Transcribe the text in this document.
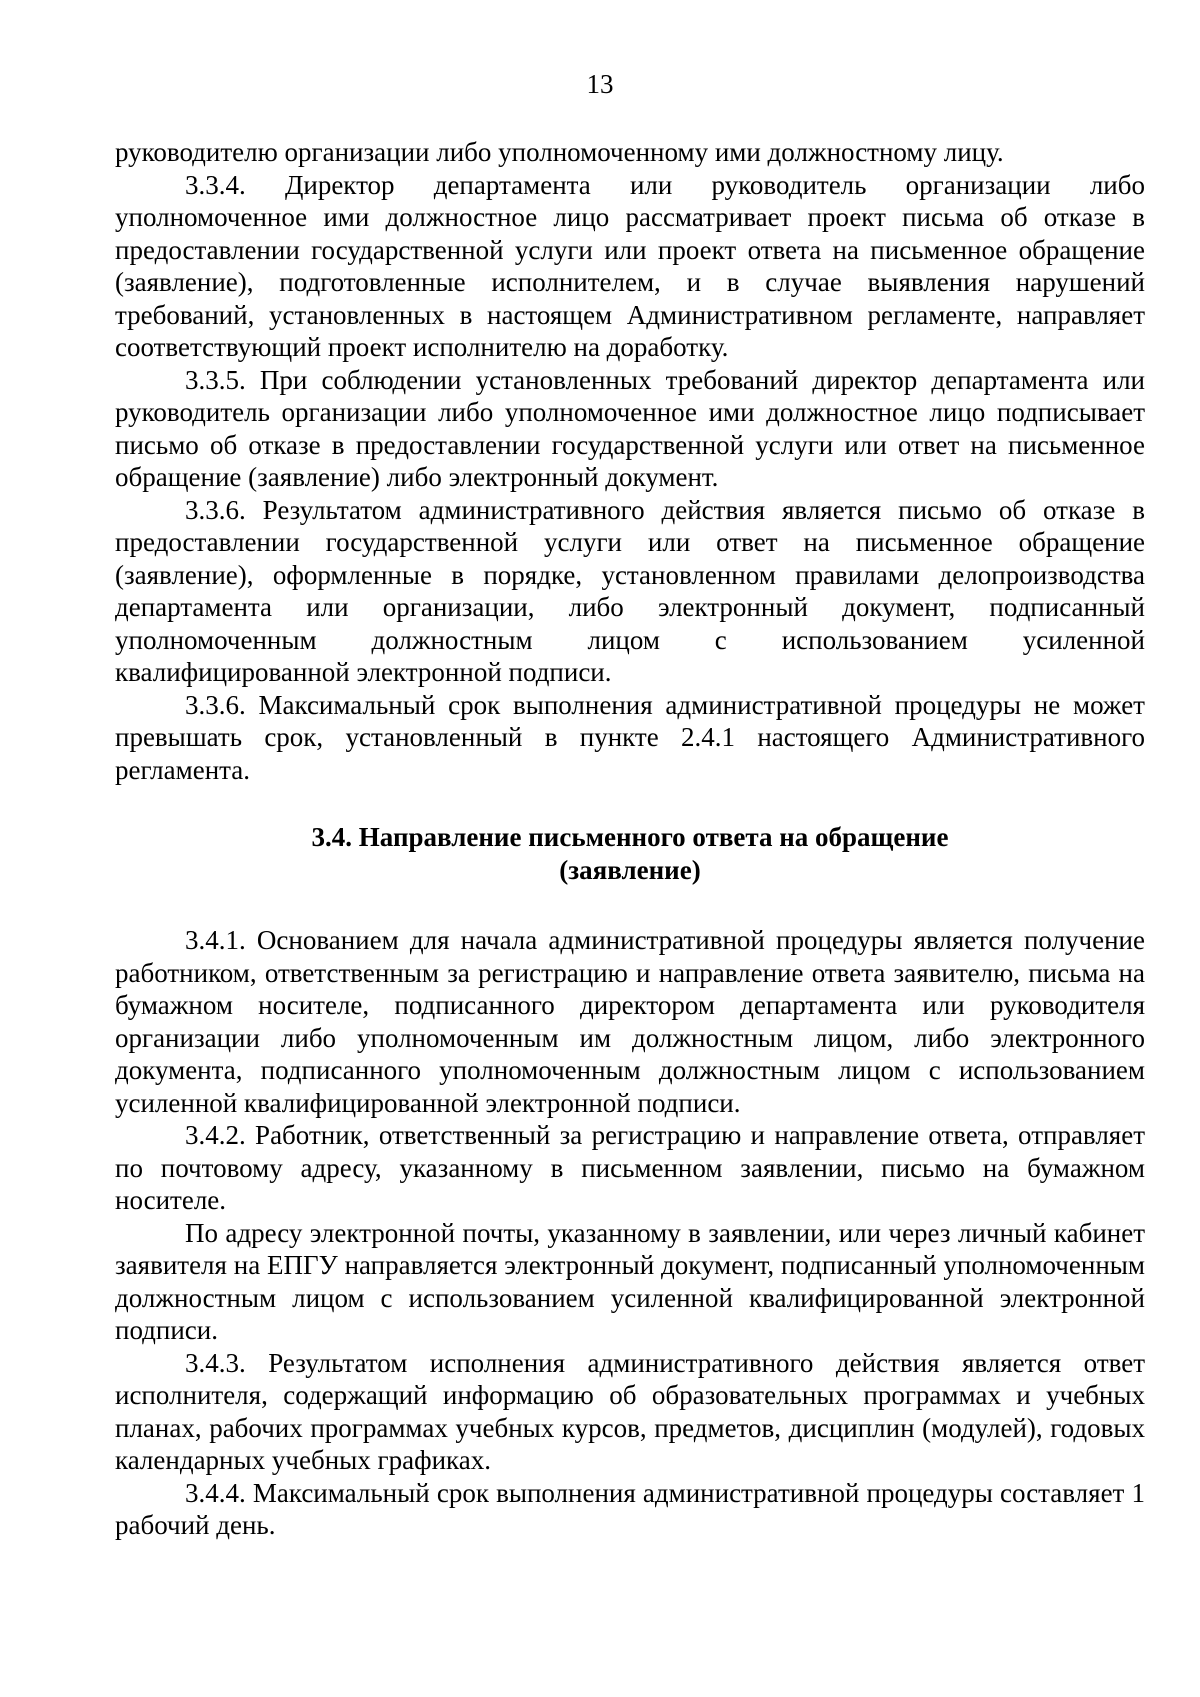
13

руководителю организации либо уполномоченному ими должностному лицу.

3.3.4. Директор департамента или руководитель организации либо уполномоченное ими должностное лицо рассматривает проект письма об отказе в предоставлении государственной услуги или проект ответа на письменное обращение (заявление), подготовленные исполнителем, и в случае выявления нарушений требований, установленных в настоящем Административном регламенте, направляет соответствующий проект исполнителю на доработку.

3.3.5. При соблюдении установленных требований директор департамента или руководитель организации либо уполномоченное ими должностное лицо подписывает письмо об отказе в предоставлении государственной услуги или ответ на письменное обращение (заявление) либо электронный документ.

3.3.6. Результатом административного действия является письмо об отказе в предоставлении государственной услуги или ответ на письменное обращение (заявление), оформленные в порядке, установленном правилами делопроизводства департамента или организации, либо электронный документ, подписанный уполномоченным должностным лицом с использованием усиленной квалифицированной электронной подписи.

3.3.6. Максимальный срок выполнения административной процедуры не может превышать срок, установленный в пункте 2.4.1 настоящего Административного регламента.

3.4. Направление письменного ответа на обращение
(заявление)

3.4.1. Основанием для начала административной процедуры является получение работником, ответственным за регистрацию и направление ответа заявителю, письма на бумажном носителе, подписанного директором департамента или руководителя организации либо уполномоченным им должностным лицом, либо электронного документа, подписанного уполномоченным должностным лицом с использованием усиленной квалифицированной электронной подписи.

3.4.2. Работник, ответственный за регистрацию и направление ответа, отправляет по почтовому адресу, указанному в письменном заявлении, письмо на бумажном носителе.

По адресу электронной почты, указанному в заявлении, или через личный кабинет заявителя на ЕПГУ направляется электронный документ, подписанный уполномоченным должностным лицом с использованием усиленной квалифицированной электронной подписи.

3.4.3. Результатом исполнения административного действия является ответ исполнителя, содержащий информацию об образовательных программах и учебных планах, рабочих программах учебных курсов, предметов, дисциплин (модулей), годовых календарных учебных графиках.

3.4.4. Максимальный срок выполнения административной процедуры составляет 1 рабочий день.
